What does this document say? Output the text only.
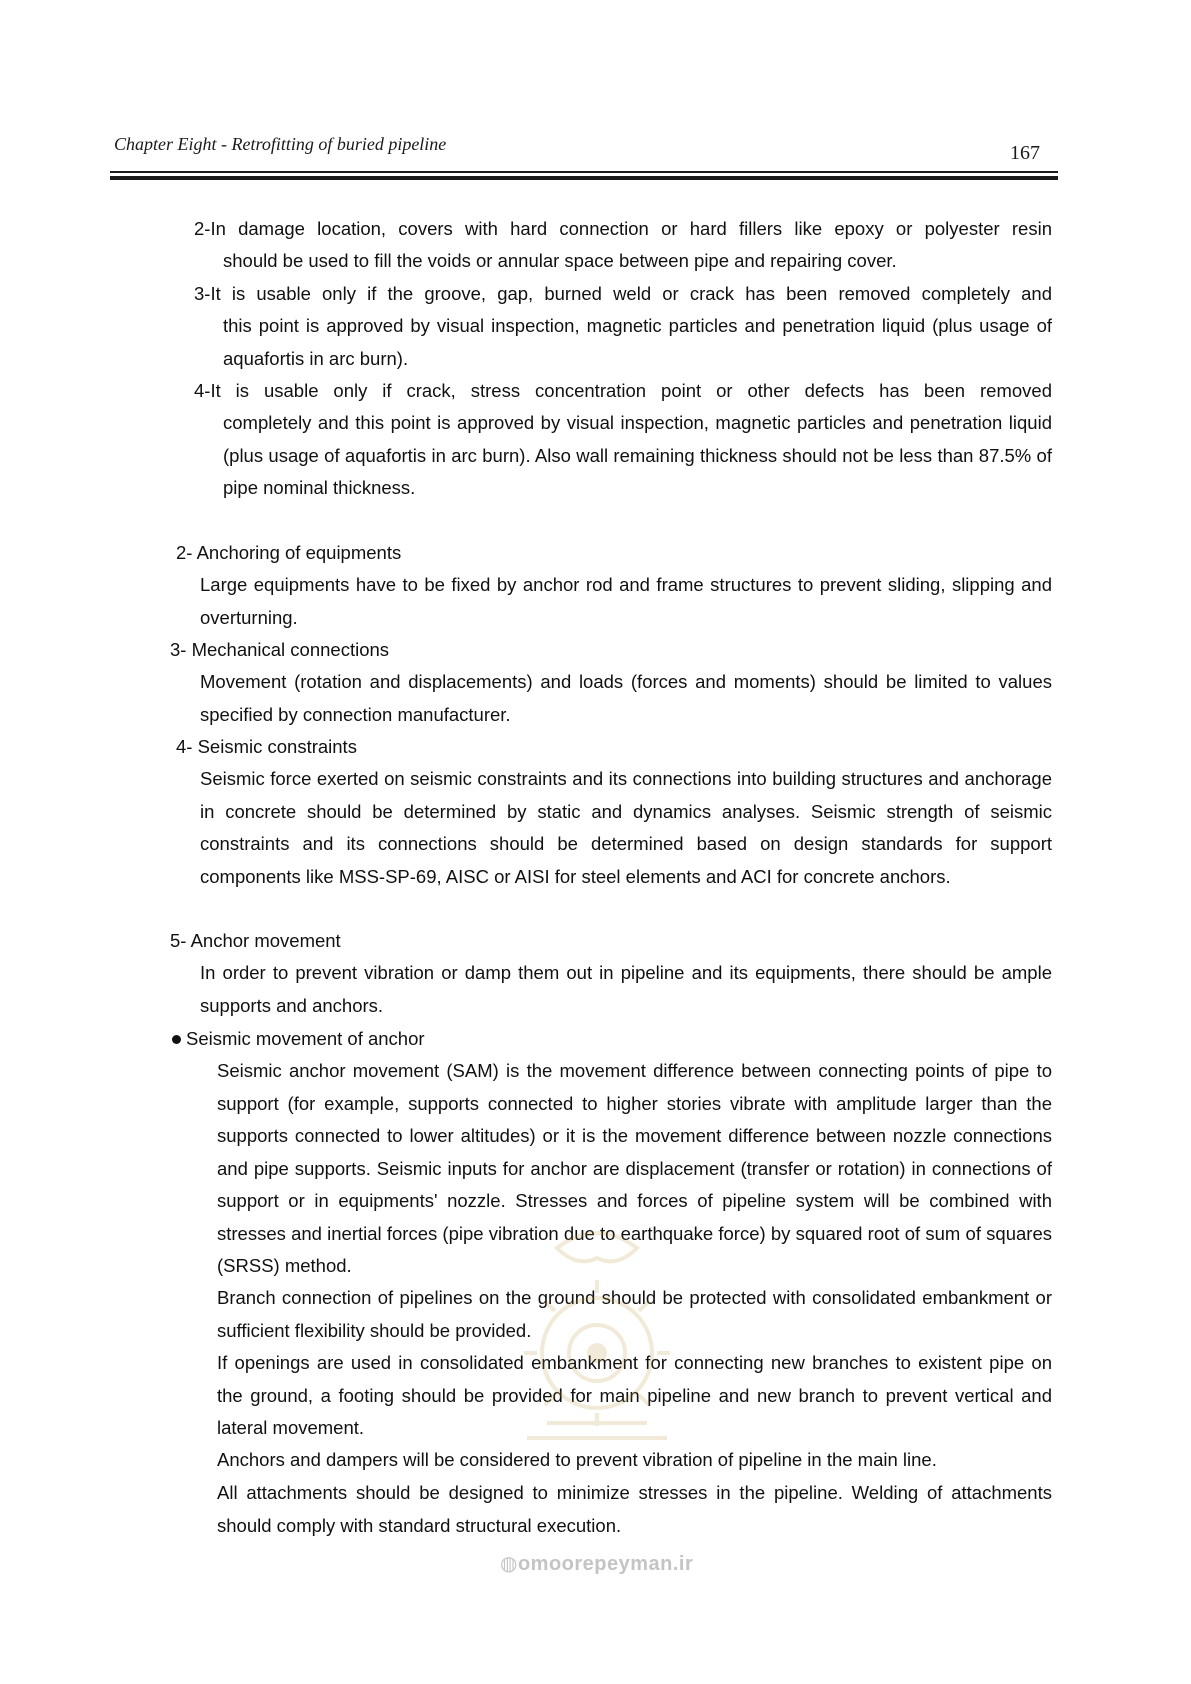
Chapter Eight - Retrofitting of buried pipeline	167
2-In damage location, covers with hard connection or hard fillers like epoxy or polyester resin
should be used to fill the voids or annular space between pipe and repairing cover.
3-It is usable only if the groove, gap, burned weld or crack has been removed completely and

this point is approved by visual inspection, magnetic particles and penetration liquid (plus usage of aquafortis in arc burn).

4-It is usable only if crack, stress concentration point or other defects has been removed

completely and this point is approved by visual inspection, magnetic particles and penetration liquid (plus usage of aquafortis in arc burn). Also wall remaining thickness should not be less than 87.5% of pipe nominal thickness.

2- Anchoring of equipments

Large equipments have to be fixed by anchor rod and frame structures to prevent sliding, slipping and overturning.

3- Mechanical connections

Movement (rotation and displacements) and loads (forces and moments) should be limited to values specified by connection manufacturer.

4- Seismic constraints

Seismic force exerted on seismic constraints and its connections into building structures and anchorage in concrete should be determined by static and dynamics analyses. Seismic strength of seismic constraints and its connections should be determined based on design standards for support components like MSS-SP-69, AISC or AISI for steel elements and ACI for concrete anchors.

5- Anchor movement

In order to prevent vibration or damp them out in pipeline and its equipments, there should be ample supports and anchors.

Seismic movement of anchor

Seismic anchor movement (SAM) is the movement difference between connecting points of pipe to support (for example, supports connected to higher stories vibrate with amplitude larger than the supports connected to lower altitudes) or it is the movement difference between nozzle connections and pipe supports. Seismic inputs for anchor are displacement (transfer or rotation) in connections of support or in equipments' nozzle. Stresses and forces of pipeline system will be combined with stresses and inertial forces (pipe vibration due to earthquake force) by squared root of sum of squares (SRSS) method.

Branch connection of pipelines on the ground should be protected with consolidated embankment or sufficient flexibility should be provided.

If openings are used in consolidated embankment for connecting new branches to existent pipe on the ground, a footing should be provided for main pipeline and new branch to prevent vertical and lateral movement.

Anchors and dampers will be considered to prevent vibration of pipeline in the main line.

All attachments should be designed to minimize stresses in the pipeline. Welding of attachments should comply with standard structural execution.

◍omoorepeyman.ir
